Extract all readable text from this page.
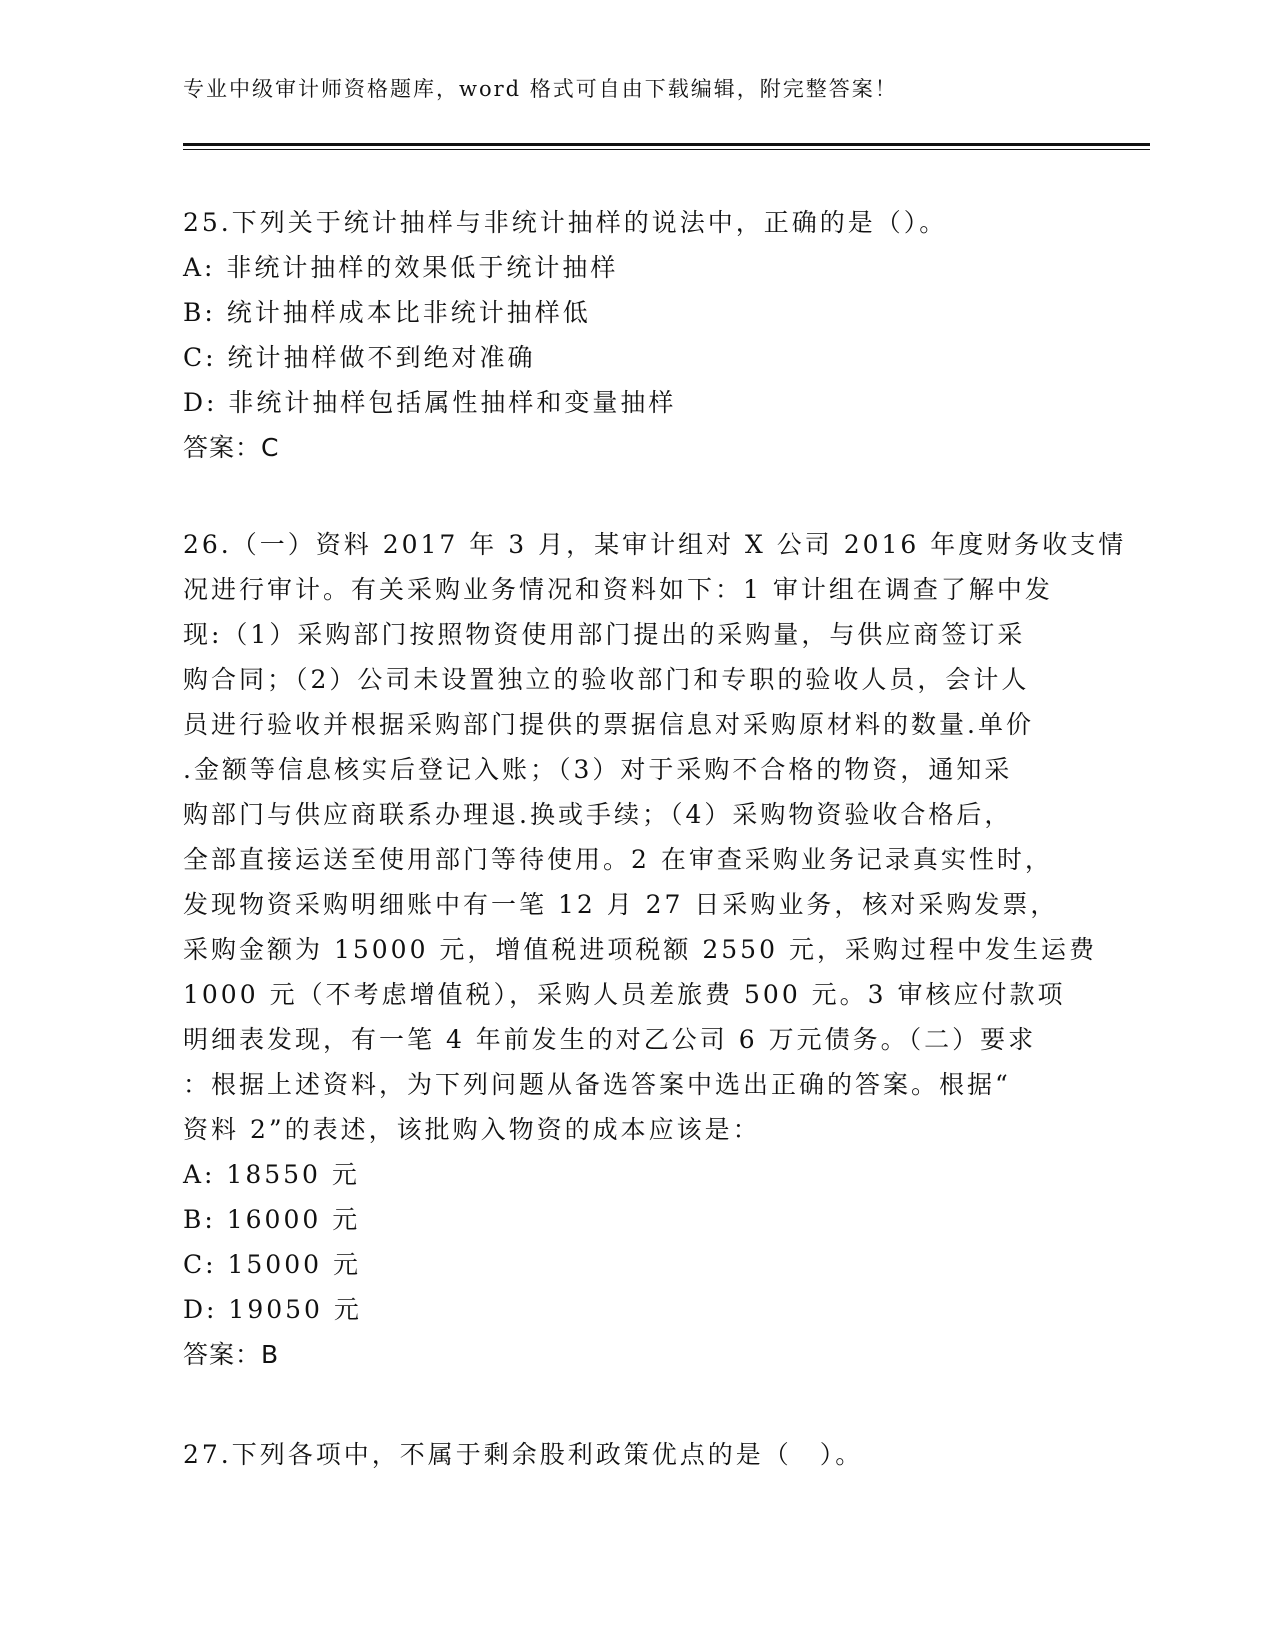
专业中级审计师资格题库，word 格式可自由下载编辑，附完整答案！
25.下列关于统计抽样与非统计抽样的说法中，正确的是（）。
A: 非统计抽样的效果低于统计抽样
B: 统计抽样成本比非统计抽样低
C: 统计抽样做不到绝对准确
D: 非统计抽样包括属性抽样和变量抽样
答案：C
26.（一）资料 2017 年 3 月，某审计组对 X 公司 2016 年度财务收支情
况进行审计。有关采购业务情况和资料如下：1 审计组在调查了解中发
现:（1）采购部门按照物资使用部门提出的采购量，与供应商签订采
购合同；（2）公司未设置独立的验收部门和专职的验收人员，会计人
员进行验收并根据采购部门提供的票据信息对采购原材料的数量.单价
.金额等信息核实后登记入账；（3）对于采购不合格的物资，通知采
购部门与供应商联系办理退.换或手续；（4）采购物资验收合格后，
全部直接运送至使用部门等待使用。2 在审查采购业务记录真实性时，
发现物资采购明细账中有一笔 12 月 27 日采购业务，核对采购发票，
采购金额为 15000 元，增值税进项税额 2550 元，采购过程中发生运费
1000 元（不考虑增值税），采购人员差旅费 500 元。3 审核应付款项
明细表发现，有一笔 4 年前发生的对乙公司 6 万元债务。（二）要求
：根据上述资料，为下列问题从备选答案中选出正确的答案。根据“
资料 2”的表述，该批购入物资的成本应该是：
A: 18550 元
B: 16000 元
C: 15000 元
D: 19050 元
答案：B
27.下列各项中，不属于剩余股利政策优点的是（　）。
